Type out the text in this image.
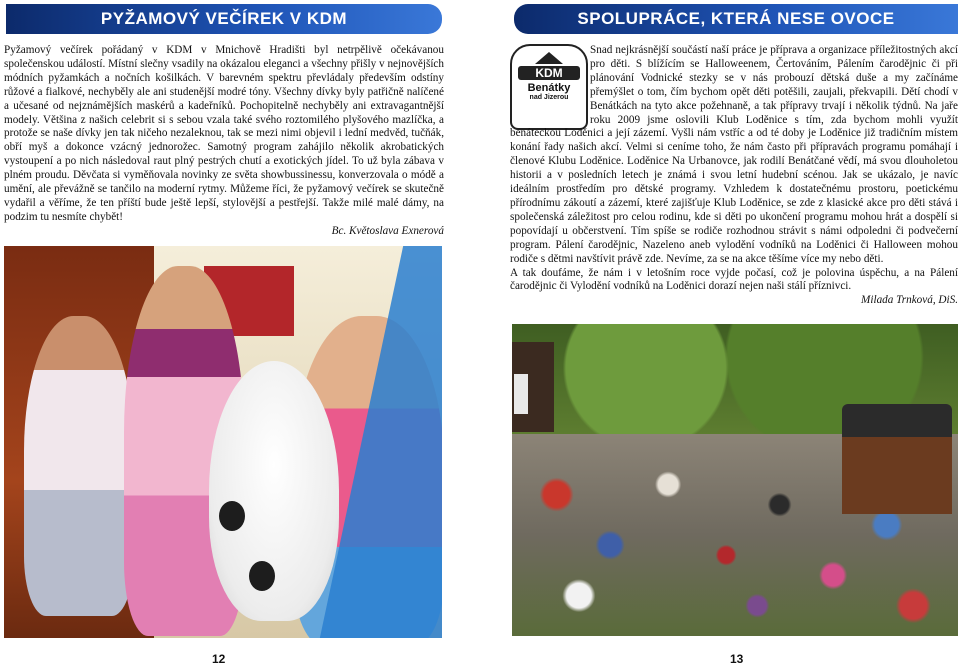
PYŽAMOVÝ VEČÍREK V KDM

Pyžamový večírek pořádaný v KDM v Mnichově Hradišti byl netrpělivě očekávanou společenskou událostí. Místní slečny vsadily na okázalou eleganci a všechny přišly v nejnovějších módních pyžamkách a nočních košilkách. V barevném spektru převládaly především odstíny růžové a fialkové, nechyběly ale ani studenější modré tóny. Všechny dívky byly patřičně nalíčené a učesané od nejznámějších maskérů a kadeřníků. Pochopitelně nechyběly ani extravagantnější modely. Většina z našich celebrit si s sebou vzala také svého roztomilého plyšového mazlíčka, a protože se naše dívky jen tak ničeho nezaleknou, tak se mezi nimi objevil i lední medvěd, tučňák, obří myš a dokonce vzácný jednorožec. Samotný program zahájilo několik akrobatických vystoupení a po nich následoval raut plný pestrých chutí a exotických jídel. To už byla zábava v plném proudu. Děvčata si vyměňovala novinky ze světa showbussinessu, konverzovala o módě a umění, ale převážně se tančilo na moderní rytmy. Můžeme říci, že pyžamový večírek se skutečně vydařil a věříme, že ten příští bude ještě lepší, stylovější a pestřejší. Takže milé malé dámy, na podzim tu nesmíte chybět!

Bc. Květoslava Exnerová

12
SPOLUPRÁCE, KTERÁ NESE OVOCE
KDM
Benátky
nad Jizerou

Snad nejkrásnější součástí naší práce je příprava a organizace příležitostných akcí pro děti. S blížícím se Halloweenem, Čertováním, Pálením čarodějnic či při plánování Vodnické stezky se v nás probouzí dětská duše a my začínáme přemýšlet o tom, čím bychom opět děti potěšili, zaujali, překvapili. Dětí chodí v Benátkách na tyto akce požehnaně, a tak přípravy trvají i několik týdnů. Na jaře roku 2009 jsme oslovili Klub Loděnice s tím, zda bychom mohli využít benáteckou Loděnici a její zázemí. Vyšli nám vstříc a od té doby je Loděnice již tradičním místem konání řady našich akcí. Velmi si ceníme toho, že nám často při přípravách programu pomáhají i členové Klubu Loděnice. Loděnice Na Urbanovce, jak rodilí Benátčané vědí, má svou dlouholetou historii a v posledních letech je známá i svou letní hudební scénou. Jak se ukázalo, je navíc ideálním prostředím pro dětské programy. Vzhledem k dostatečnému prostoru, poetickému přírodnímu zákoutí a zázemí, které zajišťuje Klub Loděnice, se zde z klasické akce pro děti stává i společenská záležitost pro celou rodinu, kde si děti po ukončení programu mohou hrát a dospělí si popovídají u občerstvení. Tím spíše se rodiče rozhodnou strávit s námi odpoledni či podvečerní program. Pálení čarodějnic, Nazeleno aneb vylodění vodníků na Loděnici či Halloween mohou rodiče s dětmi navštívit právě zde. Nevíme, za se na akce těšíme více my nebo děti.

A tak doufáme, že nám i v letošním roce vyjde počasí, což je polovina úspěchu, a na Pálení čarodějnic či Vylodění vodníků na Loděnici dorazí nejen naši stálí příznivci.

Milada Trnková, DiS.

13
